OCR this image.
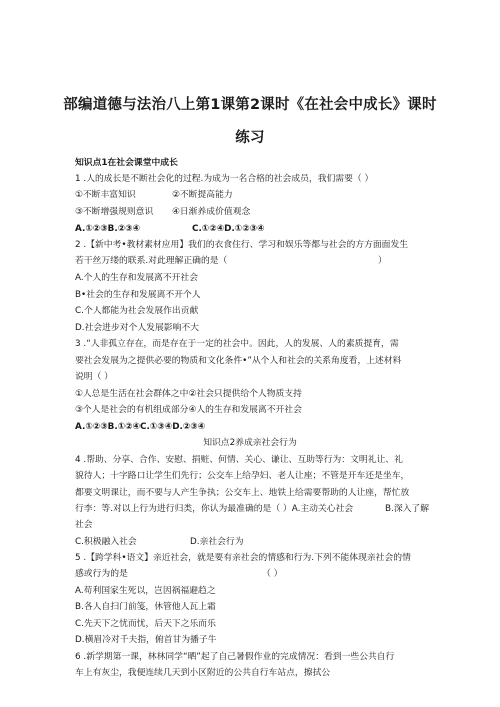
部编道德与法治八上第1课第2课时《在社会中成长》课时
练习
知识点1在社会课堂中成长
1 .人的成长是不断社会化的过程.为成为一名合格的社会成员，我们需要（ ）
①不断丰富知识	②不断提高能力
③不断增强规则意识 ④日渐养成价值观念
A.①②③B.②③④	C.①②④D.①②③④
2 .【新中考•教材素材应用】我们的衣食住行、学习和娱乐等都与社会的方方面面发生
若干丝万缕的联系.对此理解正确的是（	）
A.个人的生存和发展离不开社会
B•社会的生存和发展离不开个人
C.个人都能为社会发展作出贡献
D.社会进步对个人发展影响不大
3 .“人非孤立存在，而是存在于一定的社会中。因此，人的发展、人的素质提育，需
要社会发展为之提供必要的物质和文化条件•”从个人和社会的关系角度看，上述材料
说明（ ）
①人总是生活在社会群体之中②社会只提供给个人物质支持
③个人是社会的有机组成部分④人的生存和发展离不开社会
A.①②③B.①②④C.①③④D.②③④
知识点2养成亲社会行为
4 .帮助、分享、合作、安慰、捐赃、何情、关心、谦让、互助等行为：文明礼让、礼
貌待人；十字路口让学生们先行；公交车上给孕妇、老人让座；不管是开车还是坐车，
都要文明课让，而不要与人产生争执；公交车上、地铁上给需要帮助的人让座，帮忙放
行李：等.对以上行为进行归类，你认为最准确的是（ ）A.主动关心社会	B.深入了解
社会
C.积极融入社会	D.亲社会行为
5 .【跨学科•语文】亲近社会，就是要有亲社会的情感和行为.下列不能体现亲社会的情
感或行为的是	（ ）
A.苟利国家生死以，岂因祸福避趋之
B.各人自扫门前笺，休管他人瓦上霜
C.先天下之忧而忧，后天下之乐而乐
D.横眉冷对千夫指，俯首甘为播子牛
6 .新学期第一课，林林同学“晒”起了自己暑假作业的完成情况：看到一些公共自行
车上有灰尘，我便连续几天到小区附近的公共自行车站点，擦拭公
